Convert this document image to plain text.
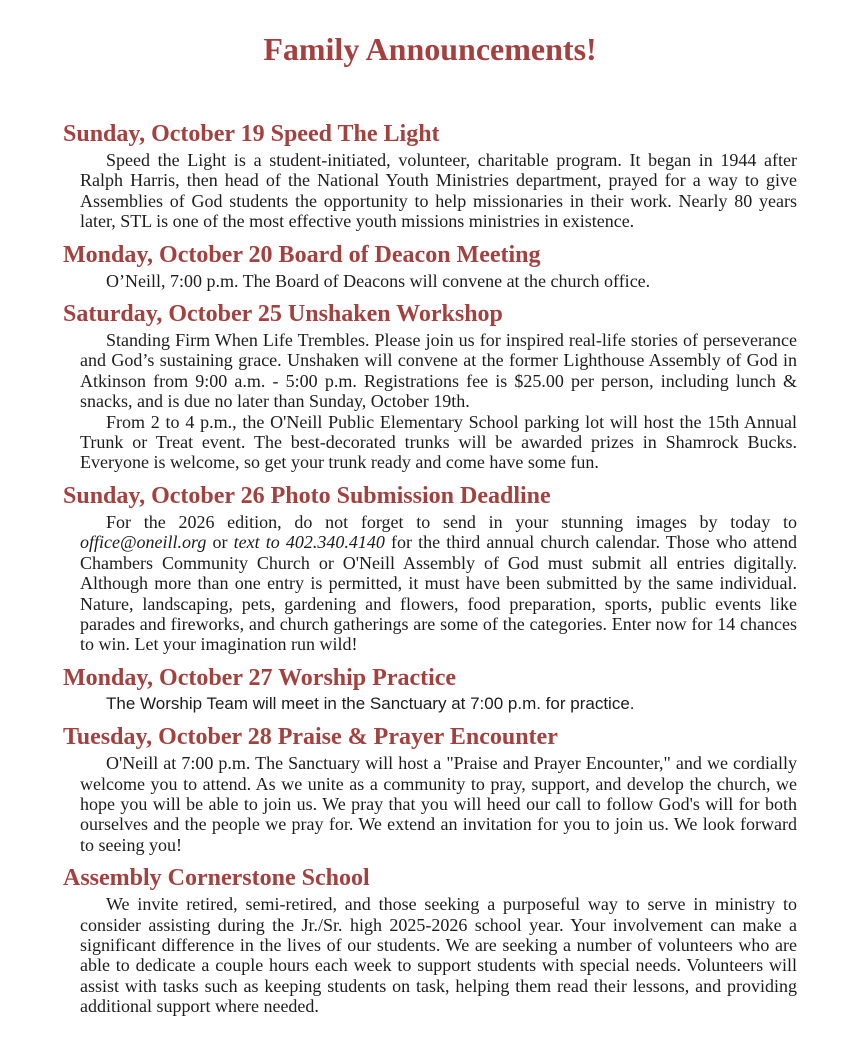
Family Announcements!
Sunday, October 19 Speed The Light

Speed the Light is a student-initiated, volunteer, charitable program. It began in 1944 after Ralph Harris, then head of the National Youth Ministries department, prayed for a way to give Assemblies of God students the opportunity to help missionaries in their work. Nearly 80 years later, STL is one of the most effective youth missions ministries in existence.

Monday, October 20 Board of Deacon Meeting

O’Neill, 7:00 p.m. The Board of Deacons will convene at the church office.

Saturday, October 25 Unshaken Workshop

Standing Firm When Life Trembles. Please join us for inspired real-life stories of perseverance and God’s sustaining grace. Unshaken will convene at the former Lighthouse Assembly of God in Atkinson from 9:00 a.m. - 5:00 p.m. Registrations fee is $25.00 per person, including lunch & snacks, and is due no later than Sunday, October 19th.

From 2 to 4 p.m., the O'Neill Public Elementary School parking lot will host the 15th Annual Trunk or Treat event. The best-decorated trunks will be awarded prizes in Shamrock Bucks. Everyone is welcome, so get your trunk ready and come have some fun.

Sunday, October 26 Photo Submission Deadline

For the 2026 edition, do not forget to send in your stunning images by today to office@oneill.org or text to 402.340.4140 for the third annual church calendar. Those who attend Chambers Community Church or O'Neill Assembly of God must submit all entries digitally. Although more than one entry is permitted, it must have been submitted by the same individual. Nature, landscaping, pets, gardening and flowers, food preparation, sports, public events like parades and fireworks, and church gatherings are some of the categories. Enter now for 14 chances to win. Let your imagination run wild!

Monday, October 27 Worship Practice

The Worship Team will meet in the Sanctuary at 7:00 p.m. for practice.

Tuesday, October 28 Praise & Prayer Encounter

O'Neill at 7:00 p.m. The Sanctuary will host a "Praise and Prayer Encounter," and we cordially welcome you to attend. As we unite as a community to pray, support, and develop the church, we hope you will be able to join us. We pray that you will heed our call to follow God's will for both ourselves and the people we pray for. We extend an invitation for you to join us. We look forward to seeing you!

Assembly Cornerstone School

We invite retired, semi-retired, and those seeking a purposeful way to serve in ministry to consider assisting during the Jr./Sr. high 2025-2026 school year. Your involvement can make a significant difference in the lives of our students. We are seeking a number of volunteers who are able to dedicate a couple hours each week to support students with special needs. Volunteers will assist with tasks such as keeping students on task, helping them read their lessons, and providing additional support where needed.
